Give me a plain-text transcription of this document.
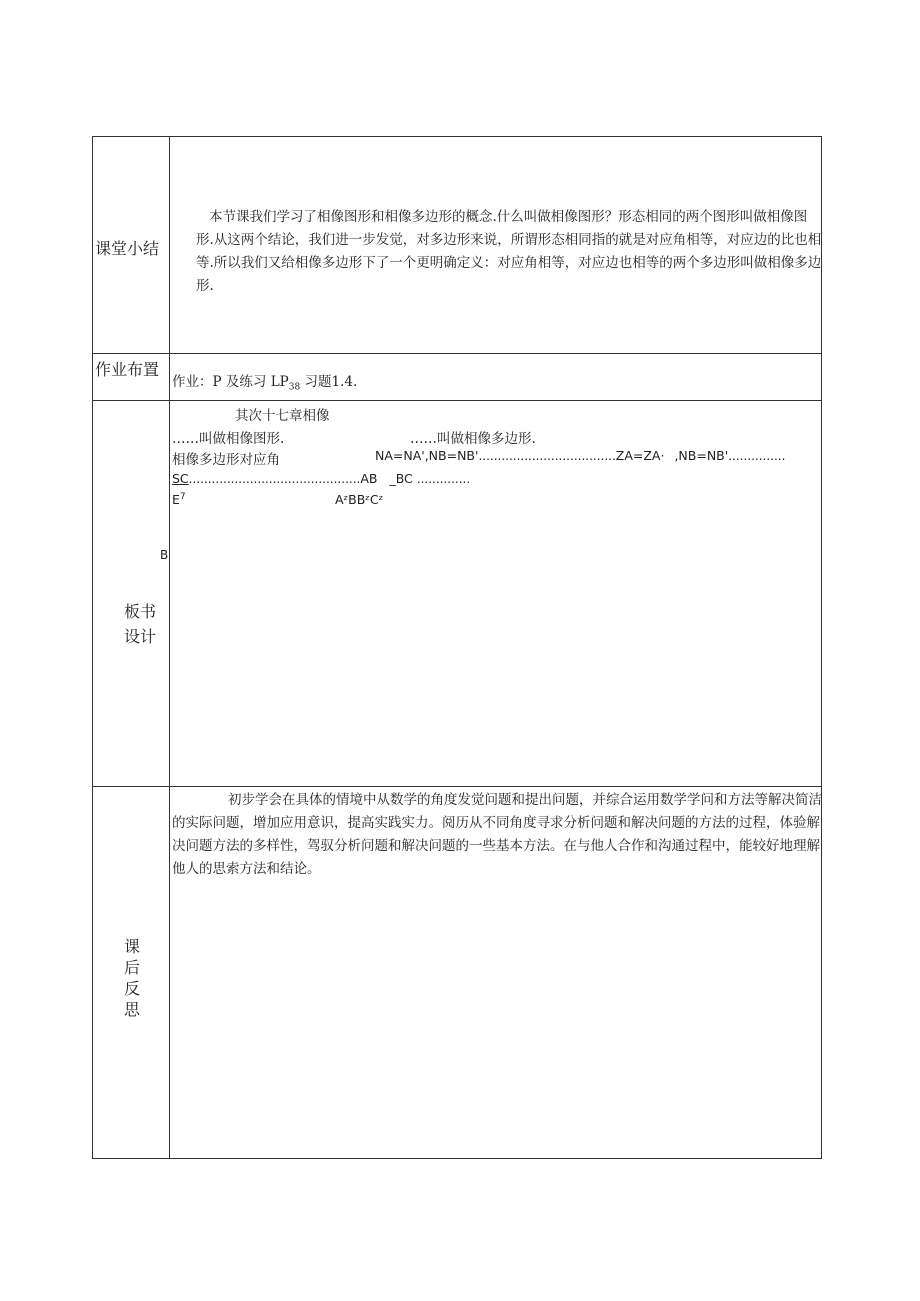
课堂小结
本节课我们学习了相像图形和相像多边形的概念.什么叫做相像图形？形态相同的两个图形叫做相像图形.从这两个结论，我们进一步发觉，对多边形来说，所谓形态相同指的就是对应角相等，对应边的比也相等.所以我们又给相像多边形下了一个更明确定义：对应角相等，对应边也相等的两个多边形叫做相像多边形.
作业布置
作业：P 及练习 $LP_{38}$ 习题1.4.
B
板书
设计
其次十七章相像
……叫做相像图形.	……叫做相像多边形.
相像多边形对应角	NA=NA',NB=NB'....................................ZA=ZA· ,NB=NB'...............
SC.............................................AB _BC ..............
$E^7$	AᶻBBᶻCᶻ
课后反思
初步学会在具体的情境中从数学的角度发觉问题和提出问题，并综合运用数学学问和方法等解决简洁的实际问题，增加应用意识，提高实践实力。阅历从不同角度寻求分析问题和解决问题的方法的过程，体验解决问题方法的多样性，驾驭分析问题和解决问题的一些基本方法。在与他人合作和沟通过程中，能较好地理解他人的思索方法和结论。
